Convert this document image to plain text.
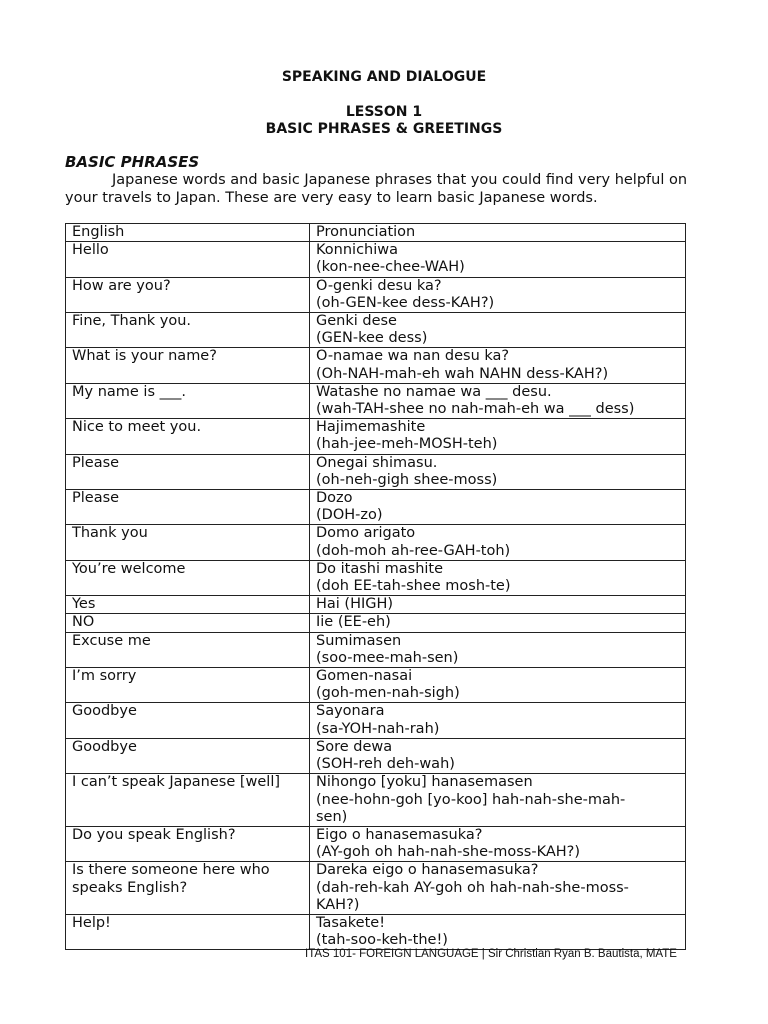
SPEAKING AND DIALOGUE
LESSON 1
BASIC PHRASES & GREETINGS
BASIC PHRASES
Japanese words and basic Japanese phrases that you could find very helpful on your travels to Japan. These are very easy to learn basic Japanese words.
English	Pronunciation
Hello	Konnichiwa
(kon-nee-chee-WAH)

How are you?	O-genki desu ka?
(oh-GEN-kee dess-KAH?)

Fine, Thank you.	Genki dese
(GEN-kee dess)

What is your name?	O-namae wa nan desu ka?
(Oh-NAH-mah-eh wah NAHN dess-KAH?)

My name is ___.	Watashe no namae wa ___ desu.
(wah-TAH-shee no nah-mah-eh wa ___ dess)

Nice to meet you.	Hajimemashite
(hah-jee-meh-MOSH-teh)

Please	Onegai shimasu.
(oh-neh-gigh shee-moss)

Please	Dozo
(DOH-zo)

Thank you	Domo arigato
(doh-moh ah-ree-GAH-toh)

You’re welcome	Do itashi mashite
(doh EE-tah-shee mosh-te)

Yes	Hai (HIGH)

NO	Iie (EE-eh)

Excuse me	Sumimasen
(soo-mee-mah-sen)

I’m sorry	Gomen-nasai
(goh-men-nah-sigh)

Goodbye	Sayonara
(sa-YOH-nah-rah)

Goodbye	Sore dewa
(SOH-reh deh-wah)

I can’t speak Japanese [well]	Nihongo [yoku] hanasemasen
(nee-hohn-goh [yo-koo] hah-nah-she-mah-
sen)

Do you speak English?	Eigo o hanasemasuka?
(AY-goh oh hah-nah-she-moss-KAH?)

Is there someone here who speaks English?	Dareka eigo o hanasemasuka?
(dah-reh-kah AY-goh oh hah-nah-she-moss-
KAH?)

Help!	Tasakete!
(tah-soo-keh-the!)
ITAS 101- FOREIGN LANGUAGE | Sir Christian Ryan B. Bautista, MATE
